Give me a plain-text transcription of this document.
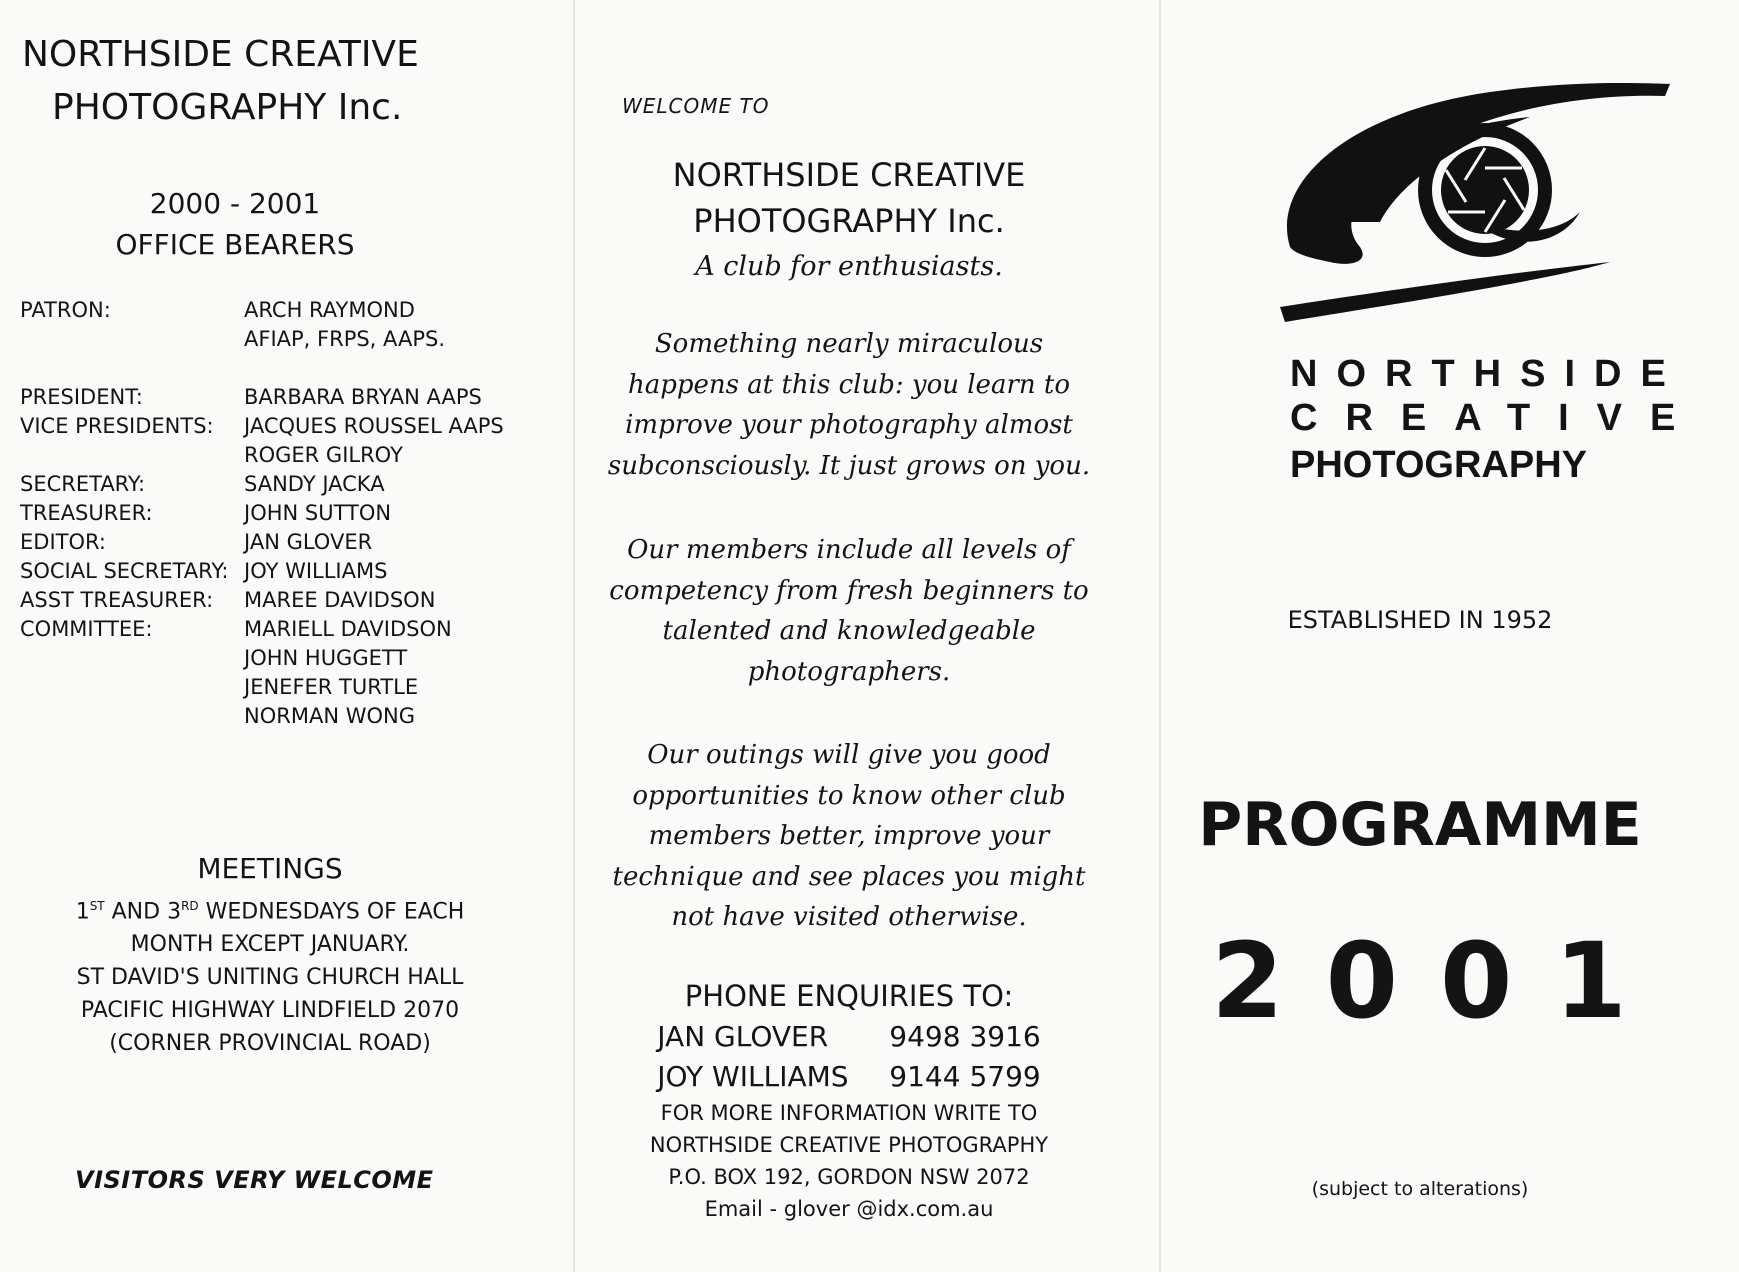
NORTHSIDE CREATIVE
PHOTOGRAPHY Inc.
2000 - 2001
OFFICE BEARERS
PATRON:	ARCH RAYMOND
AFIAP, FRPS, AAPS.
PRESIDENT:	BARBARA BRYAN AAPS
VICE PRESIDENTS:	JACQUES ROUSSEL AAPS
ROGER GILROY
SECRETARY:	SANDY JACKA
TREASURER:	JOHN SUTTON
EDITOR:	JAN GLOVER
SOCIAL SECRETARY: JOY WILLIAMS
ASST TREASURER:	MAREE DAVIDSON
COMMITTEE:	MARIELL DAVIDSON
JOHN HUGGETT
JENEFER TURTLE
NORMAN WONG
MEETINGS
1ST AND 3RD WEDNESDAYS OF EACH
MONTH EXCEPT JANUARY.
ST DAVID'S UNITING CHURCH HALL
PACIFIC HIGHWAY LINDFIELD 2070
(CORNER PROVINCIAL ROAD)
VISITORS VERY WELCOME
WELCOME TO
NORTHSIDE CREATIVE
PHOTOGRAPHY Inc.
A club for enthusiasts.
Something nearly miraculous
happens at this club: you learn to
improve your photography almost
subconsciously. It just grows on you.
Our members include all levels of
competency from fresh beginners to
talented and knowledgeable
photographers.
Our outings will give you good
opportunities to know other club
members better, improve your
technique and see places you might
not have visited otherwise.
PHONE ENQUIRIES TO:
JAN GLOVER 9498 3916
JOY WILLIAMS 9144 5799
FOR MORE INFORMATION WRITE TO
NORTHSIDE CREATIVE PHOTOGRAPHY
P.O. BOX 192, GORDON NSW 2072
Email - glover @idx.com.au
NORTHSIDE
CREATIVE
PHOTOGRAPHY
ESTABLISHED IN 1952
PROGRAMME
2001
(subject to alterations)
